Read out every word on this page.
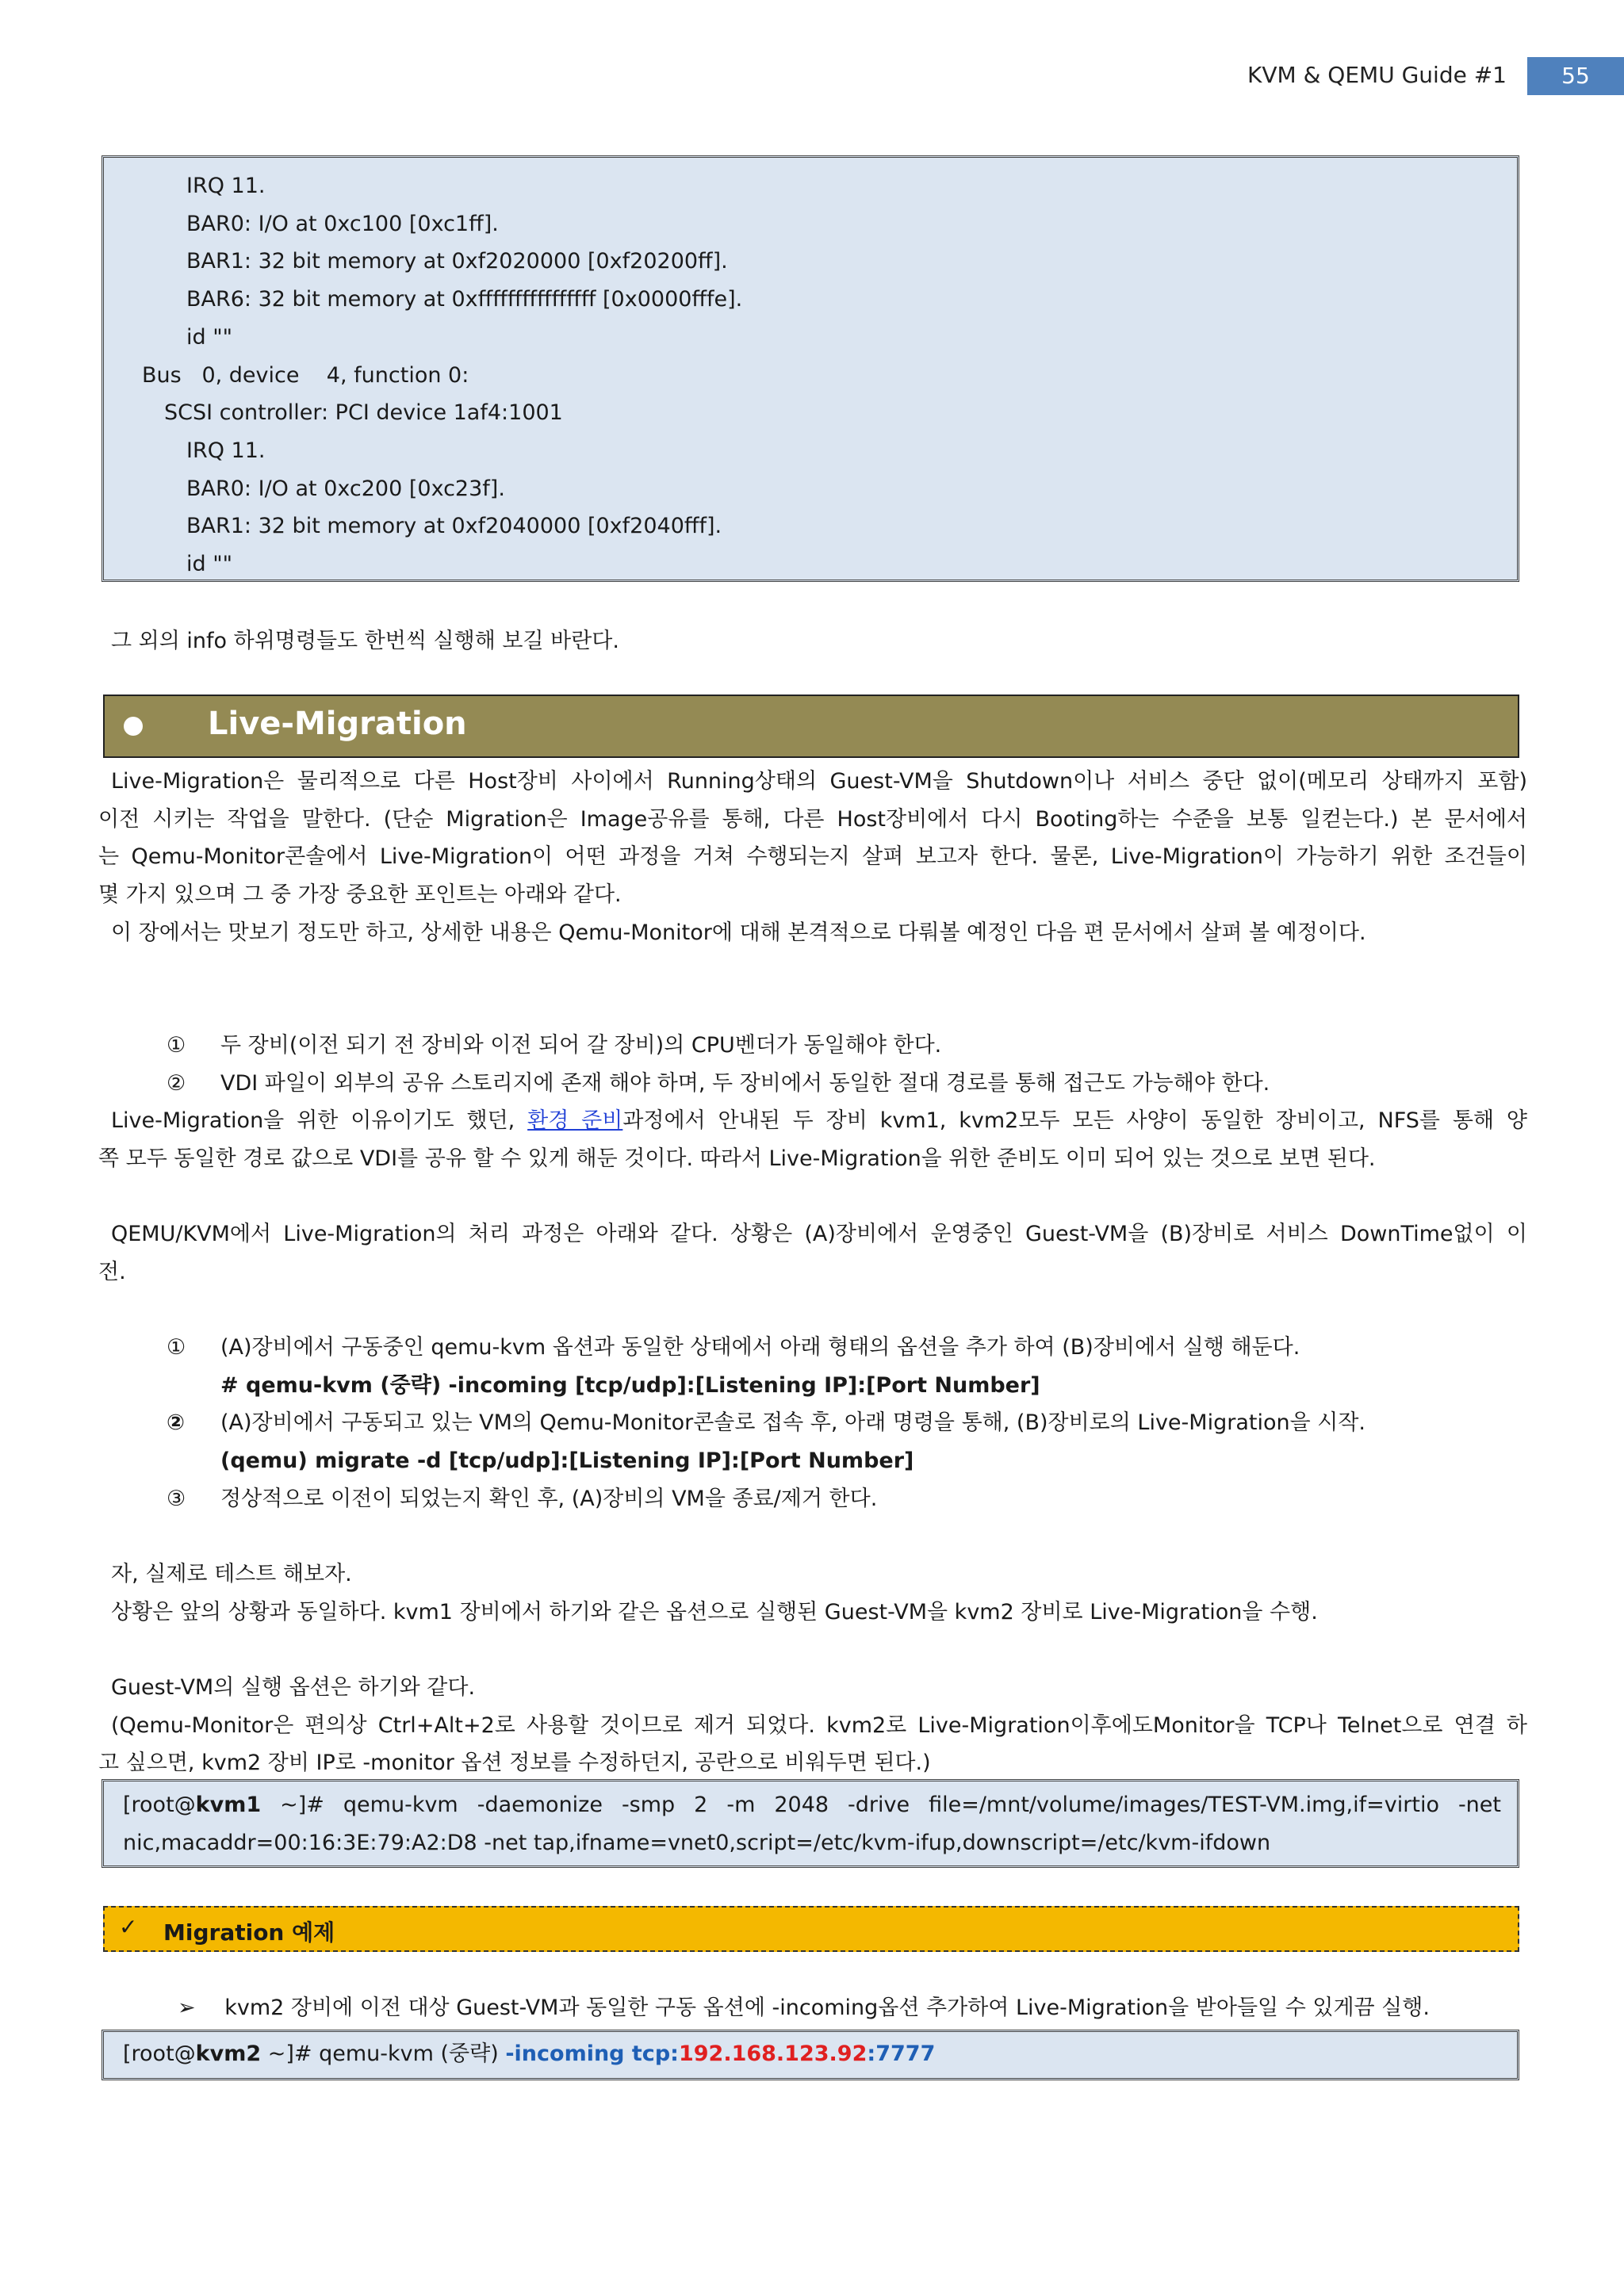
KVM & QEMU Guide #1	55
IRQ 11.
BAR0: I/O at 0xc100 [0xc1ff].
BAR1: 32 bit memory at 0xf2020000 [0xf20200ff].
BAR6: 32 bit memory at 0xffffffffffffffff [0x0000fffe].
id ""
Bus   0, device    4, function 0:
SCSI controller: PCI device 1af4:1001
IRQ 11.
BAR0: I/O at 0xc200 [0xc23f].
BAR1: 32 bit memory at 0xf2040000 [0xf2040fff].
id ""
그 외의 info 하위명령들도 한번씩 실행해 보길 바란다.
Live-Migration
Live-Migration은 물리적으로 다른 Host장비 사이에서 Running상태의 Guest-VM을 Shutdown이나 서비스 중단 없이(메모리 상태까지 포함)
이전 시키는 작업을 말한다. (단순 Migration은 Image공유를 통해, 다른 Host장비에서 다시 Booting하는 수준을 보통 일컫는다.) 본 문서에서
는 Qemu-Monitor콘솔에서 Live-Migration이 어떤 과정을 거쳐 수행되는지 살펴 보고자 한다. 물론, Live-Migration이 가능하기 위한 조건들이
몇 가지 있으며 그 중 가장 중요한 포인트는 아래와 같다.
이 장에서는 맛보기 정도만 하고, 상세한 내용은 Qemu-Monitor에 대해 본격적으로 다뤄볼 예정인 다음 편 문서에서 살펴 볼 예정이다.
①	두 장비(이전 되기 전 장비와 이전 되어 갈 장비)의 CPU벤더가 동일해야 한다.
②	VDI 파일이 외부의 공유 스토리지에 존재 해야 하며, 두 장비에서 동일한 절대 경로를 통해 접근도 가능해야 한다.
Live-Migration을 위한 이유이기도 했던, 환경 준비과정에서 안내된 두 장비 kvm1, kvm2모두 모든 사양이 동일한 장비이고, NFS를 통해 양
쪽 모두 동일한 경로 값으로 VDI를 공유 할 수 있게 해둔 것이다. 따라서 Live-Migration을 위한 준비도 이미 되어 있는 것으로 보면 된다.
QEMU/KVM에서 Live-Migration의 처리 과정은 아래와 같다. 상황은 (A)장비에서 운영중인 Guest-VM을 (B)장비로 서비스 DownTime없이 이
전.
①	(A)장비에서 구동중인 qemu-kvm 옵션과 동일한 상태에서 아래 형태의 옵션을 추가 하여 (B)장비에서 실행 해둔다.
# qemu-kvm (중략) -incoming [tcp/udp]:[Listening IP]:[Port Number]
②	(A)장비에서 구동되고 있는 VM의 Qemu-Monitor콘솔로 접속 후, 아래 명령을 통해, (B)장비로의 Live-Migration을 시작.
(qemu) migrate -d [tcp/udp]:[Listening IP]:[Port Number]
③	정상적으로 이전이 되었는지 확인 후, (A)장비의 VM을 종료/제거 한다.
자, 실제로 테스트 해보자.
상황은 앞의 상황과 동일하다. kvm1 장비에서 하기와 같은 옵션으로 실행된 Guest-VM을 kvm2 장비로 Live-Migration을 수행.
Guest-VM의 실행 옵션은 하기와 같다.
(Qemu-Monitor은 편의상 Ctrl+Alt+2로 사용할 것이므로 제거 되었다. kvm2로 Live-Migration이후에도Monitor을 TCP나 Telnet으로 연결 하
고 싶으면, kvm2 장비 IP로 -monitor 옵션 정보를 수정하던지, 공란으로 비워두면 된다.)
[root@kvm1 ~]# qemu-kvm -daemonize -smp 2 -m 2048 -drive file=/mnt/volume/images/TEST-VM.img,if=virtio -net
nic,macaddr=00:16:3E:79:A2:D8 -net tap,ifname=vnet0,script=/etc/kvm-ifup,downscript=/etc/kvm-ifdown
✓ Migration 예제
➢ kvm2 장비에 이전 대상 Guest-VM과 동일한 구동 옵션에 -incoming옵션 추가하여 Live-Migration을 받아들일 수 있게끔 실행.
[root@kvm2 ~]# qemu-kvm (중략) -incoming tcp:192.168.123.92:7777
